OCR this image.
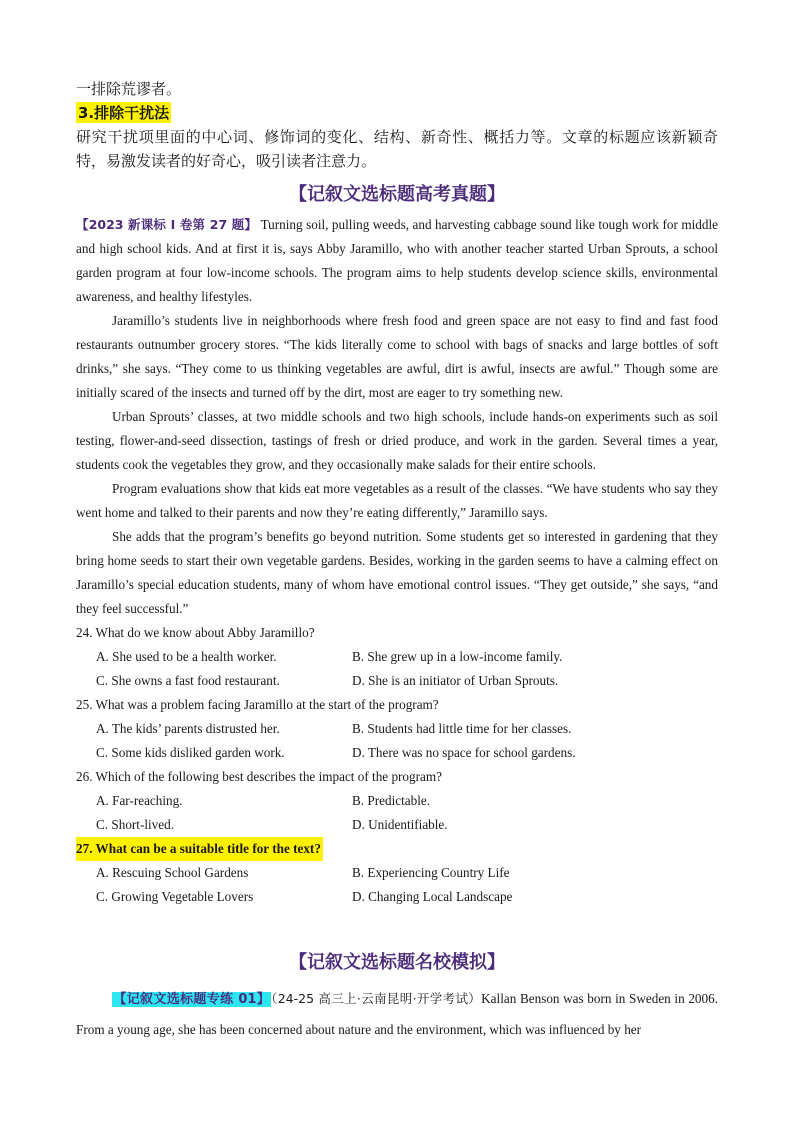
一排除荒谬者。
3.排除干扰法

研究干扰项里面的中心词、修饰词的变化、结构、新奇性、概括力等。文章的标题应该新颖奇特，易激发读者的好奇心，吸引读者注意力。

【记叙文选标题高考真题】

【2023 新课标 I 卷第 27 题】 Turning soil, pulling weeds, and harvesting cabbage sound like tough work for middle and high school kids. And at first it is, says Abby Jaramillo, who with another teacher started Urban Sprouts, a school garden program at four low-income schools. The program aims to help students develop science skills, environmental awareness, and healthy lifestyles.

Jaramillo’s students live in neighborhoods where fresh food and green space are not easy to find and fast food restaurants outnumber grocery stores. “The kids literally come to school with bags of snacks and large bottles of soft drinks,” she says. “They come to us thinking vegetables are awful, dirt is awful, insects are awful.” Though some are initially scared of the insects and turned off by the dirt, most are eager to try something new.

Urban Sprouts’ classes, at two middle schools and two high schools, include hands-on experiments such as soil testing, flower-and-seed dissection, tastings of fresh or dried produce, and work in the garden. Several times a year, students cook the vegetables they grow, and they occasionally make salads for their entire schools.

Program evaluations show that kids eat more vegetables as a result of the classes. “We have students who say they went home and talked to their parents and now they’re eating differently,” Jaramillo says.

She adds that the program’s benefits go beyond nutrition. Some students get so interested in gardening that they bring home seeds to start their own vegetable gardens. Besides, working in the garden seems to have a calming effect on Jaramillo’s special education students, many of whom have emotional control issues. “They get outside,” she says, “and they feel successful.”

24. What do we know about Abby Jaramillo?
A. She used to be a health worker.	B. She grew up in a low-income family.
C. She owns a fast food restaurant.	D. She is an initiator of Urban Sprouts.
25. What was a problem facing Jaramillo at the start of the program?
A. The kids’ parents distrusted her.	B. Students had little time for her classes.
C. Some kids disliked garden work.	D. There was no space for school gardens.
26. Which of the following best describes the impact of the program?
A. Far-reaching.	B. Predictable.
C. Short-lived.	D. Unidentifiable.
27. What can be a suitable title for the text?
A. Rescuing School Gardens	B. Experiencing Country Life
C. Growing Vegetable Lovers	D. Changing Local Landscape
【记叙文选标题名校模拟】

【记叙文选标题专练 01】（24-25 高三上·云南昆明·开学考试）Kallan Benson was born in Sweden in 2006. From a young age, she has been concerned about nature and the environment, which was influenced by her
